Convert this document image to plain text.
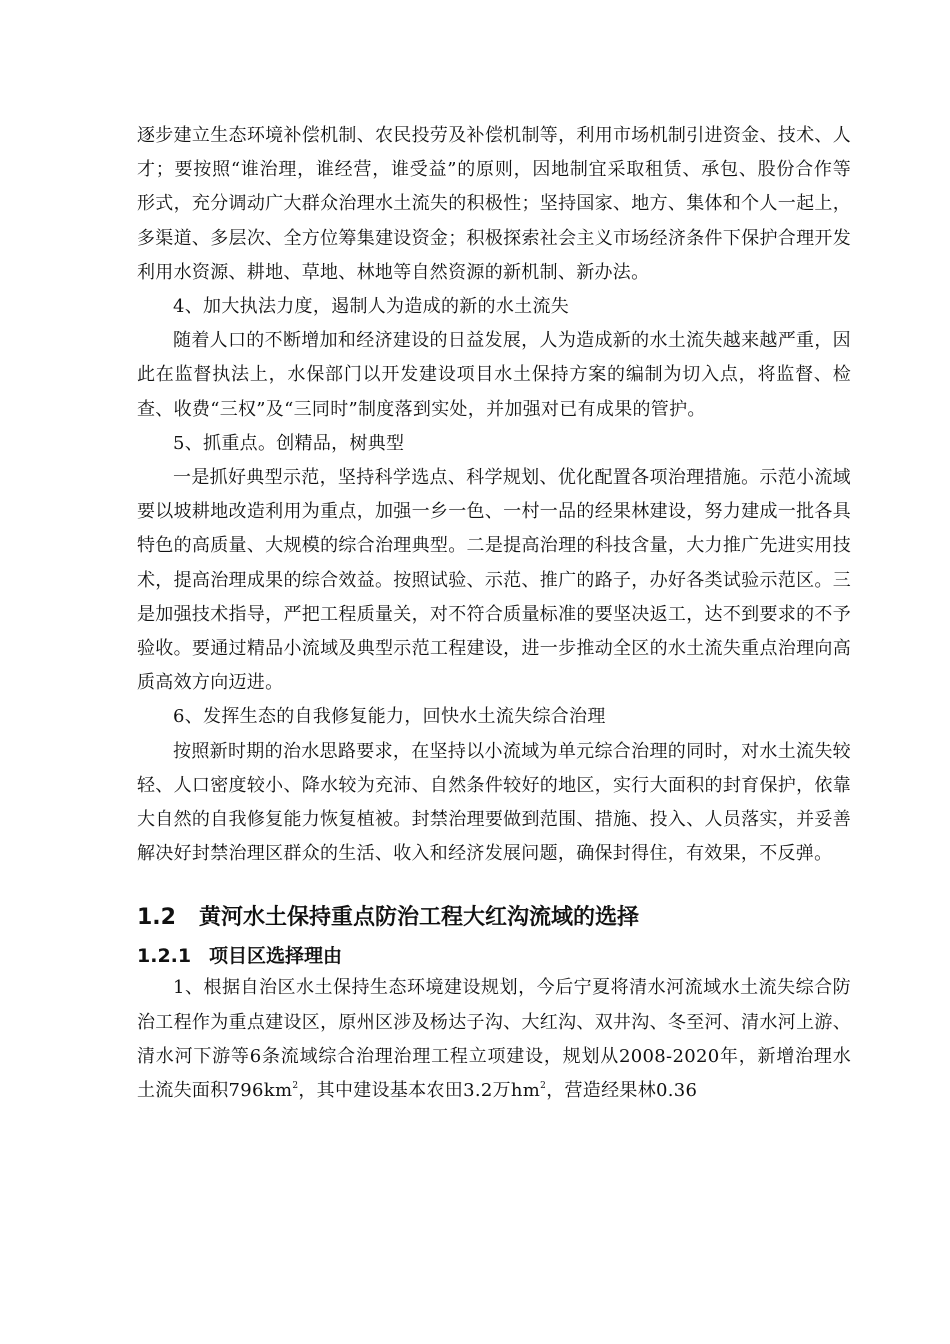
逐步建立生态环境补偿机制、农民投劳及补偿机制等，利用市场机制引进资金、技术、人才；要按照“谁治理，谁经营，谁受益”的原则，因地制宜采取租赁、承包、股份合作等形式，充分调动广大群众治理水土流失的积极性；坚持国家、地方、集体和个人一起上，多渠道、多层次、全方位筹集建设资金；积极探索社会主义市场经济条件下保护合理开发利用水资源、耕地、草地、林地等自然资源的新机制、新办法。

4、加大执法力度，遏制人为造成的新的水土流失

随着人口的不断增加和经济建设的日益发展，人为造成新的水土流失越来越严重，因此在监督执法上，水保部门以开发建设项目水土保持方案的编制为切入点，将监督、检查、收费“三权”及“三同时”制度落到实处，并加强对已有成果的管护。

5、抓重点。创精品，树典型

一是抓好典型示范，坚持科学选点、科学规划、优化配置各项治理措施。示范小流域要以坡耕地改造利用为重点，加强一乡一色、一村一品的经果林建设，努力建成一批各具特色的高质量、大规模的综合治理典型。二是提高治理的科技含量，大力推广先进实用技术，提高治理成果的综合效益。按照试验、示范、推广的路子，办好各类试验示范区。三是加强技术指导，严把工程质量关，对不符合质量标准的要坚决返工，达不到要求的不予验收。要通过精品小流域及典型示范工程建设，进一步推动全区的水土流失重点治理向高质高效方向迈进。

6、发挥生态的自我修复能力，回快水土流失综合治理

按照新时期的治水思路要求，在坚持以小流域为单元综合治理的同时，对水土流失较轻、人口密度较小、降水较为充沛、自然条件较好的地区，实行大面积的封育保护，依靠大自然的自我修复能力恢复植被。封禁治理要做到范围、措施、投入、人员落实，并妥善解决好封禁治理区群众的生活、收入和经济发展问题，确保封得住，有效果，不反弹。

1.2 黄河水土保持重点防治工程大红沟流域的选择
1.2.1 项目区选择理由

1、根据自治区水土保持生态环境建设规划，今后宁夏将清水河流域水土流失综合防治工程作为重点建设区，原州区涉及杨达子沟、大红沟、双井沟、冬至河、清水河上游、清水河下游等6条流域综合治理治理工程立项建设，规划从2008-2020年，新增治理水土流失面积$796km^2$，其中建设基本农田3.2万$hm^2$，营造经果林0.36
